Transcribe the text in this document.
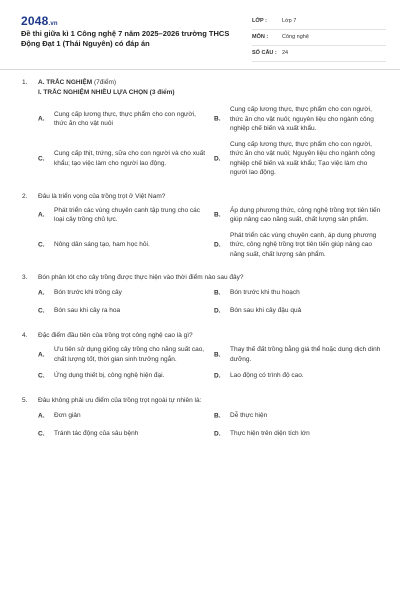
2048.vn
Đề thi giữa kì 1 Công nghệ 7 năm 2025–2026 trường THCS Động Đạt 1 (Thái Nguyên) có đáp án
LỚP :	Lớp 7
MÔN :	Công nghệ
SỐ CÂU : 24
1. A. TRẮC NGHIỆM (7điểm)
I. TRẮC NGHIỆM NHIỀU LỰA CHỌN (3 điểm)
A.
Cung cấp lương thực, thực phẩm cho con người, thức ăn cho vật nuôi
B.
Cung cấp lương thực, thực phẩm cho con người, thức ăn cho vật nuôi; nguyên liệu cho ngành công nghiệp chế biến và xuất khẩu.
C.
Cung cấp thịt, trứng, sữa cho con người và cho xuất khẩu; tạo việc làm cho người lao động.
D.
Cung cấp lương thực, thực phẩm cho con người, thức ăn cho vật nuôi; Nguyên liệu cho ngành công nghiệp chế biến và xuất khẩu; Tạo việc làm cho người lao động.
2. Đâu là triển vọng của trồng trọt ở Việt Nam?
A.
Phát triển các vùng chuyên canh tập trung cho các loại cây trồng chủ lực.
B.
Áp dụng phương thức, công nghệ trồng trọt tiên tiến giúp nâng cao năng suất, chất lượng sản phẩm.
C. Nông dân sáng tạo, ham học hỏi.	D.
Phát triển các vùng chuyên canh, áp dụng phương thức, công nghệ trồng trọt tiên tiến giúp nâng cao năng suất, chất lượng sản phẩm.
3. Bón phân lót cho cây trồng được thực hiện vào thời điểm nào sau đây?
A. Bón trước khi trồng cây	B. Bón trước khi thu hoạch
C. Bón sau khi cây ra hoa	D. Bón sau khi cây đậu quả
4. Đặc điểm đầu tiên của trồng trọt công nghệ cao là gì?
A.
Ưu tiên sử dụng giống cây trồng cho năng suất cao, chất lượng tốt, thời gian sinh trưởng ngắn.
B.
Thay thế đất trồng bằng giá thể hoặc dung dịch dinh dưỡng.
C. Ứng dụng thiết bị, công nghệ hiện đại.	D. Lao động có trình độ cao.
5. Đâu không phải ưu điểm của trồng trọt ngoài tự nhiên là:
A. Đơn giản	B. Dễ thực hiện
C. Tránh tác động của sâu bệnh	D. Thực hiện trên diện tích lớn
